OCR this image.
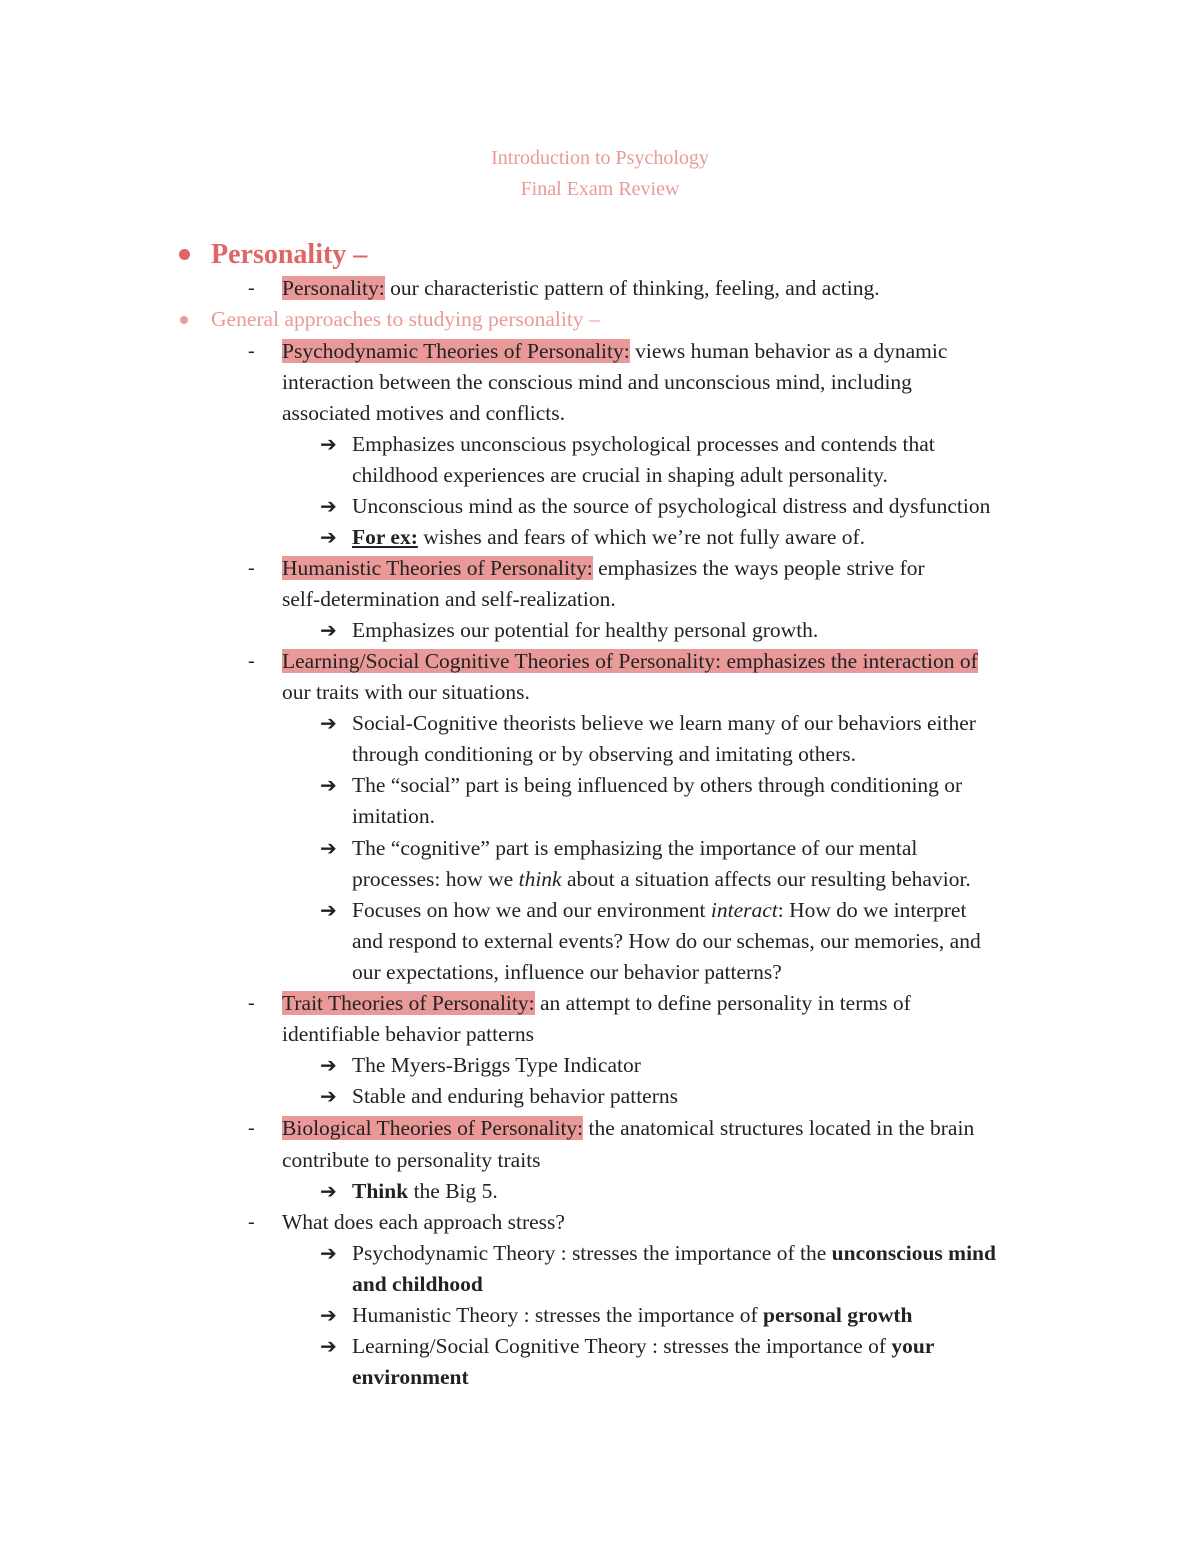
Introduction to Psychology
Final Exam Review
Personality –
- Personality: our characteristic pattern of thinking, feeling, and acting.
General approaches to studying personality –
- Psychodynamic Theories of Personality: views human behavior as a dynamic
interaction between the conscious mind and unconscious mind, including
associated motives and conflicts.
➔ Emphasizes unconscious psychological processes and contends that
childhood experiences are crucial in shaping adult personality.
➔ Unconscious mind as the source of psychological distress and dysfunction
➔ For ex: wishes and fears of which we’re not fully aware of.
- Humanistic Theories of Personality: emphasizes the ways people strive for
self-determination and self-realization.
➔ Emphasizes our potential for healthy personal growth.
- Learning/Social Cognitive Theories of Personality: emphasizes the interaction of
our traits with our situations.
➔ Social-Cognitive theorists believe we learn many of our behaviors either
through conditioning or by observing and imitating others.
➔ The “social” part is being influenced by others through conditioning or
imitation.
➔ The “cognitive” part is emphasizing the importance of our mental
processes: how we think about a situation affects our resulting behavior.
➔ Focuses on how we and our environment interact: How do we interpret
and respond to external events? How do our schemas, our memories, and
our expectations, influence our behavior patterns?
- Trait Theories of Personality: an attempt to define personality in terms of
identifiable behavior patterns
➔ The Myers-Briggs Type Indicator
➔ Stable and enduring behavior patterns
- Biological Theories of Personality: the anatomical structures located in the brain
contribute to personality traits
➔ Think the Big 5.
- What does each approach stress?
➔ Psychodynamic Theory : stresses the importance of the unconscious mind
and childhood
➔ Humanistic Theory : stresses the importance of personal growth
➔ Learning/Social Cognitive Theory : stresses the importance of your
environment
